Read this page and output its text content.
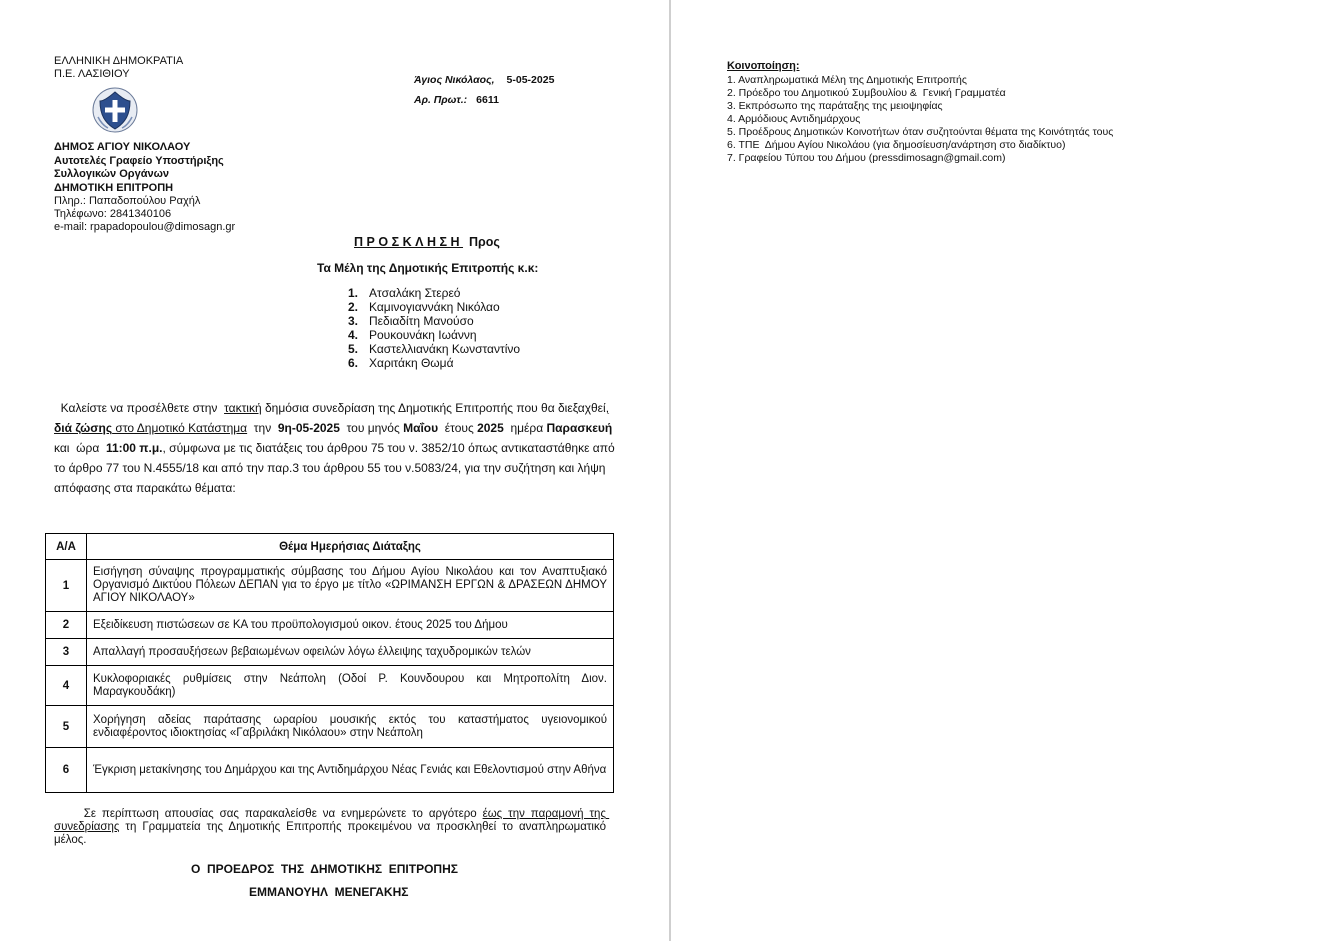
ΕΛΛΗΝΙΚΗ ΔΗΜΟΚΡΑΤΙΑ
Π.Ε. ΛΑΣΙΘΙΟΥ
ΔΗΜΟΣ ΑΓΙΟΥ ΝΙΚΟΛΑΟΥ
Αυτοτελές Γραφείο Υποστήριξης
Συλλογικών Οργάνων
ΔΗΜΟΤΙΚΗ ΕΠΙΤΡΟΠΗ
Πληρ.: Παπαδοπούλου Ραχήλ
Τηλέφωνο: 2841340106
e-mail: rpapadopoulou@dimosagn.gr
Άγιος Νικόλαος, 5-05-2025
Αρ. Πρωτ.: 6611
ΠΡΟΣΚΛΗΣΗ Προς
Τα Μέλη της Δημοτικής Επιτροπής κ.κ:
1. Ατσαλάκη Στερεό
2. Καμινογιαννάκη Νικόλαο
3. Πεδιαδίτη Μανούσο
4. Ρουκουνάκη Ιωάννη
5. Καστελλιανάκη Κωνσταντίνο
6. Χαριτάκη Θωμά
Καλείστε να προσέλθετε στην  τακτική δημόσια συνεδρίαση της Δημοτικής Επιτροπής που θα διεξαχθεί,
διά ζώσης στο Δημοτικό Κατάστημα  την  9η-05-2025  του μηνός Μαΐου  έτους 2025  ημέρα Παρασκευή
και  ώρα  11:00 π.μ., σύμφωνα με τις διατάξεις του άρθρου 75 του ν. 3852/10 όπως αντικαταστάθηκε από
το άρθρο 77 του Ν.4555/18 και από την παρ.3 του άρθρου 55 του ν.5083/24, για την συζήτηση και λήψη
απόφασης στα παρακάτω θέματα:
Α/Α	Θέμα Ημερήσιας Διάταξης
1	Εισήγηση σύναψης προγραμματικής σύμβασης του Δήμου Αγίου Νικολάου και τον Αναπτυξιακό Οργανισμό Δικτύου Πόλεων ΔΕΠΑΝ για το έργο με τίτλο «ΩΡΙΜΑΝΣΗ ΕΡΓΩΝ & ΔΡΑΣΕΩΝ ΔΗΜΟΥ ΑΓΙΟΥ ΝΙΚΟΛΑΟΥ»
2	Εξειδίκευση πιστώσεων σε ΚΑ του προϋπολογισμού οικον. έτους 2025 του Δήμου
3	Απαλλαγή προσαυξήσεων βεβαιωμένων οφειλών λόγω έλλειψης ταχυδρομικών τελών
4	Κυκλοφοριακές ρυθμίσεις στην Νεάπολη (Οδοί Ρ. Κουνδουρου και Μητροπολίτη Διον. Μαραγκουδάκη)
5	Χορήγηση αδείας παράτασης ωραρίου μουσικής εκτός του καταστήματος υγειονομικού ενδιαφέροντος ιδιοκτησίας «Γαβριλάκη Νικόλαου» στην Νεάπολη
6	Έγκριση μετακίνησης του Δημάρχου και της Αντιδημάρχου Νέας Γενιάς και Εθελοντισμού στην Αθήνα
Σε περίπτωση απουσίας σας παρακαλείσθε να ενημερώνετε το αργότερο έως την παραμονή της συνεδρίασης τη Γραμματεία της Δημοτικής Επιτροπής προκειμένου να προσκληθεί το αναπληρωματικό μέλος.
Ο  ΠΡΟΕΔΡΟΣ  ΤΗΣ  ΔΗΜΟΤΙΚΗΣ  ΕΠΙΤΡΟΠΗΣ
ΕΜΜΑΝΟΥΗΛ  ΜΕΝΕΓΑΚΗΣ
Κοινοποίηση:
1. Αναπληρωματικά Μέλη της Δημοτικής Επιτροπής
2. Πρόεδρο του Δημοτικού Συμβουλίου &  Γενική Γραμματέα
3. Εκπρόσωπο της παράταξης της μειοψηφίας
4. Αρμόδιους Αντιδημάρχους
5. Προέδρους Δημοτικών Κοινοτήτων όταν συζητούνται θέματα της Κοινότητάς τους
6. ΤΠΕ  Δήμου Αγίου Νικολάου (για δημοσίευση/ανάρτηση στο διαδίκτυο)
7. Γραφείου Τύπου του Δήμου (pressdimosagn@gmail.com)
